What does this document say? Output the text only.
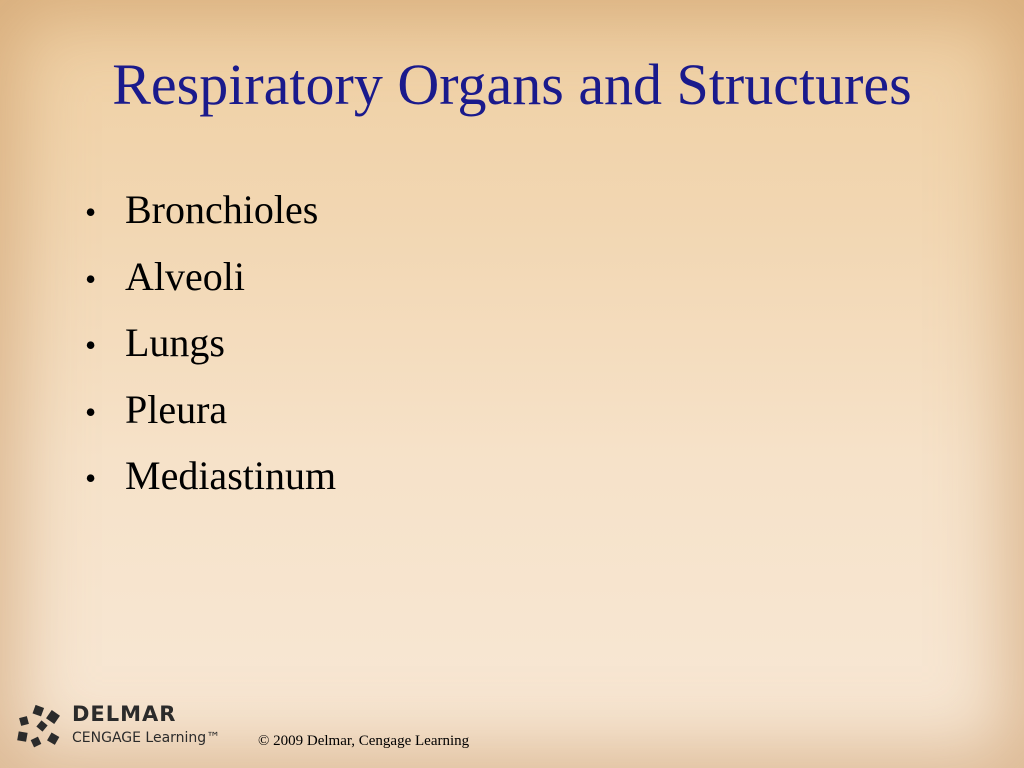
Respiratory Organs and Structures
• Bronchioles
• Alveoli
• Lungs
• Pleura
• Mediastinum
DELMAR
CENGAGE Learning™	© 2009 Delmar, Cengage Learning
